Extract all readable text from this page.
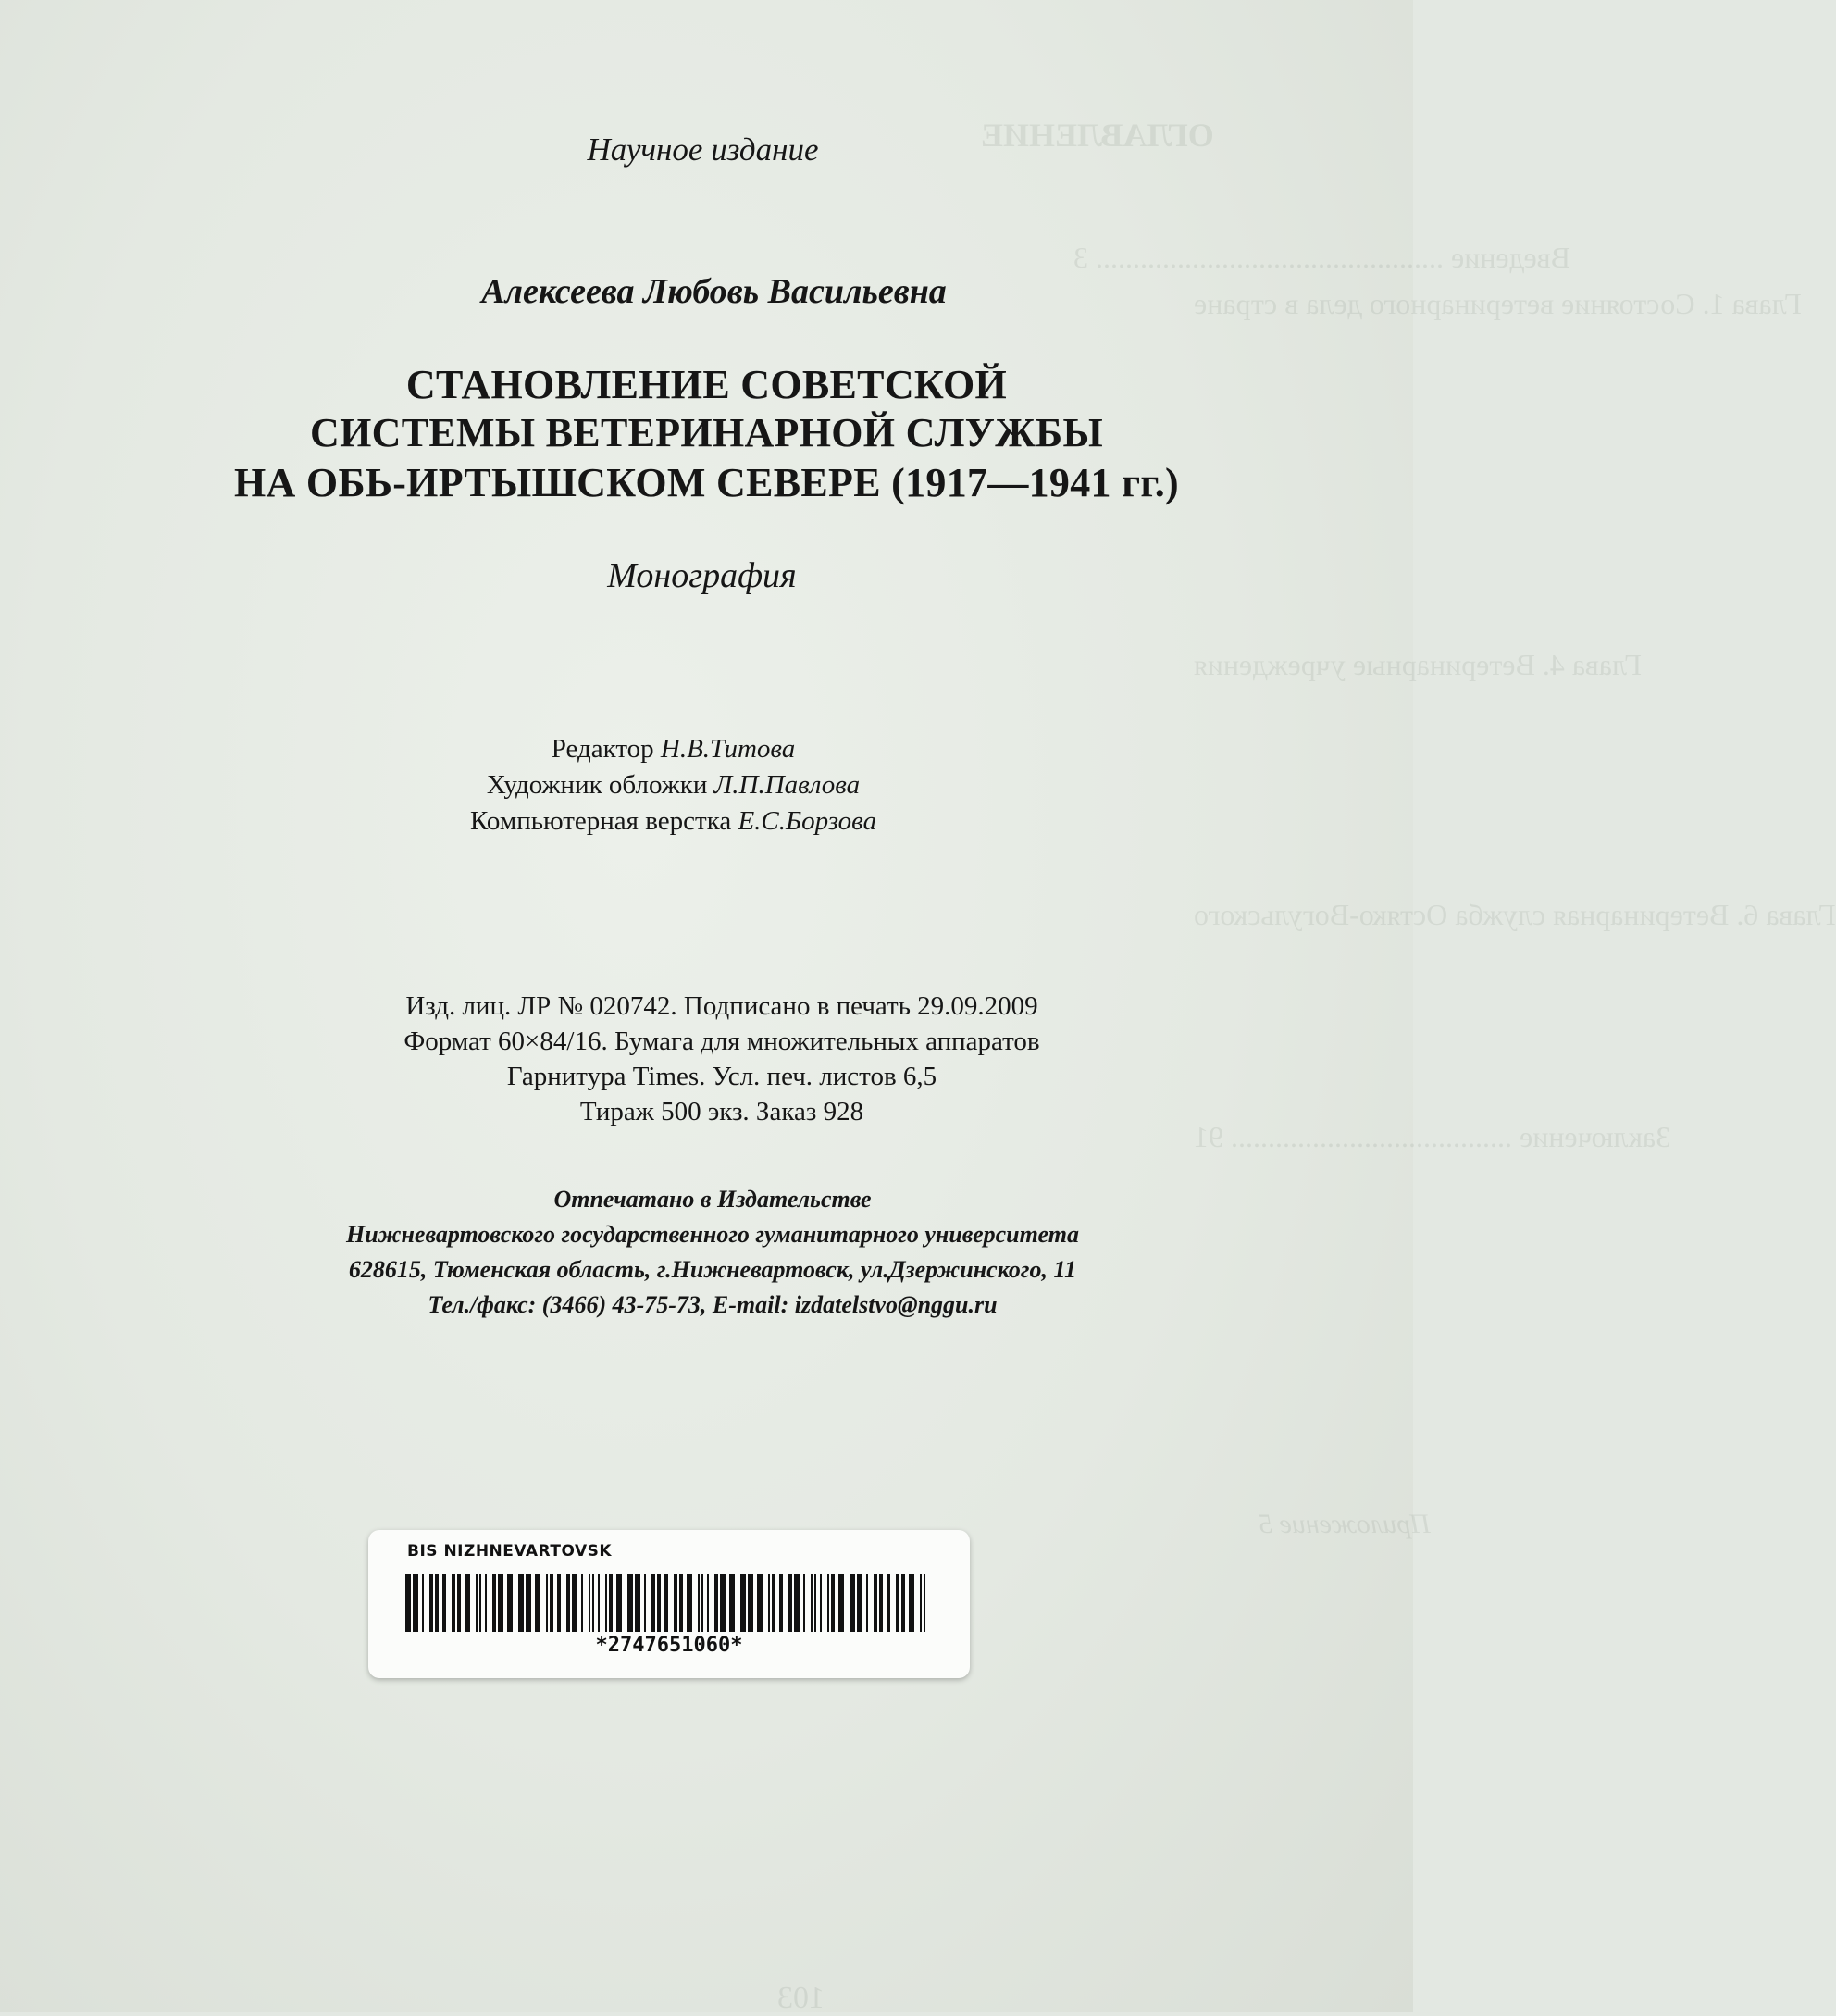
ОГЛАВЛЕНИЕ
Введение ............................................... 3
Глава 1. Состояние ветеринарного дела в стране
Глава 4. Ветеринарные учреждения
Глава 6. Ветеринарная служба Остяко-Вогульского
Заключение ...................................... 91
Приложение 5
103
Научное издание
Алексеева Любовь Васильевна
СТАНОВЛЕНИЕ СОВЕТСКОЙ
СИСТЕМЫ ВЕТЕРИНАРНОЙ СЛУЖБЫ
НА ОБЬ-ИРТЫШСКОМ СЕВЕРЕ (1917—1941 гг.)
Монография
Редактор Н.В.Титова
Художник обложки Л.П.Павлова
Компьютерная верстка Е.С.Борзова
Изд. лиц. ЛР № 020742. Подписано в печать 29.09.2009
Формат 60×84/16. Бумага для множительных аппаратов
Гарнитура Times. Усл. печ. листов 6,5
Тираж 500 экз. Заказ 928
Отпечатано в Издательстве
Нижневартовского государственного гуманитарного университета
628615, Тюменская область, г.Нижневартовск, ул.Дзержинского, 11
Тел./факс: (3466) 43-75-73, E-mail: izdatelstvo@nggu.ru
BIS NIZHNEVARTOVSK
*2747651060*
